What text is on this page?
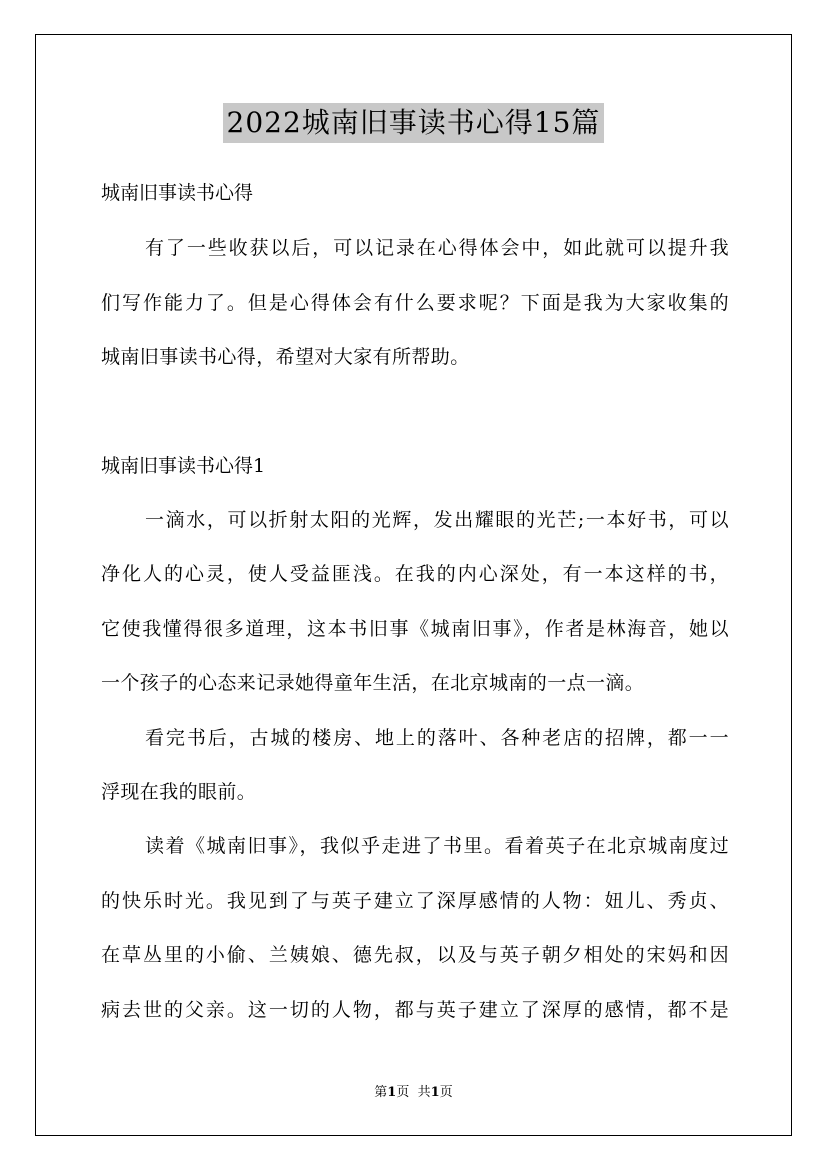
2022城南旧事读书心得15篇
城南旧事读书心得
有了一些收获以后，可以记录在心得体会中，如此就可以提升我
们写作能力了。但是心得体会有什么要求呢？下面是我为大家收集的
城南旧事读书心得，希望对大家有所帮助。
城南旧事读书心得1
一滴水，可以折射太阳的光辉，发出耀眼的光芒;一本好书，可以
净化人的心灵，使人受益匪浅。在我的内心深处，有一本这样的书，
它使我懂得很多道理，这本书旧事《城南旧事》，作者是林海音，她以
一个孩子的心态来记录她得童年生活，在北京城南的一点一滴。
看完书后，古城的楼房、地上的落叶、各种老店的招牌，都一一
浮现在我的眼前。
读着《城南旧事》，我似乎走进了书里。看着英子在北京城南度过
的快乐时光。我见到了与英子建立了深厚感情的人物：妞儿、秀贞、
在草丛里的小偷、兰姨娘、德先叔，以及与英子朝夕相处的宋妈和因
病去世的父亲。这一切的人物，都与英子建立了深厚的感情，都不是
第1页 共1页
